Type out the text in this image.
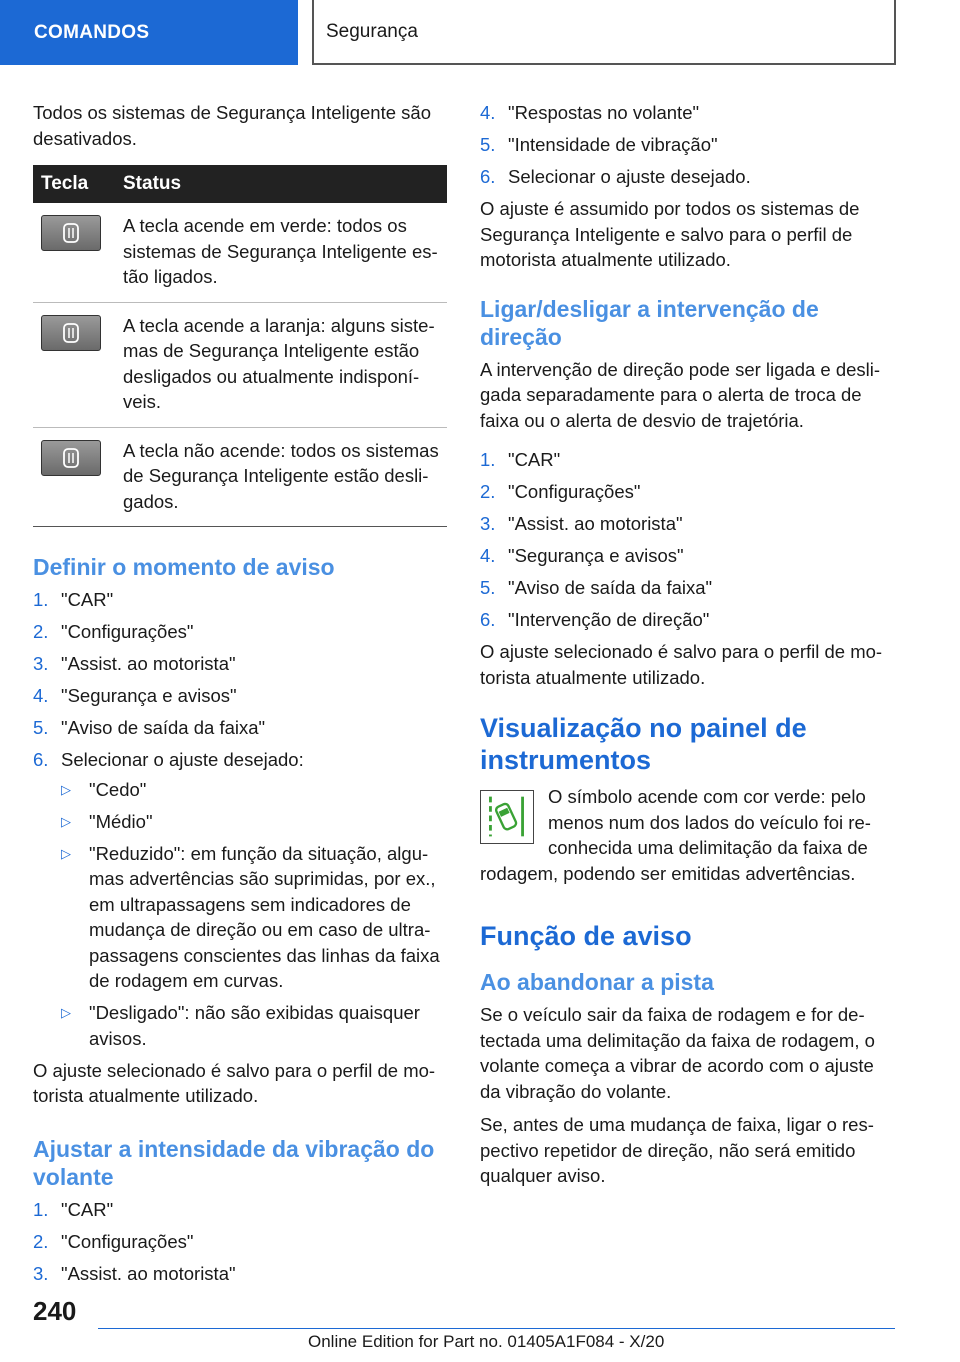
COMANDOS	Segurança

Todos os sistemas de Segurança Inteligente são desativados.

Tecla	Status

	A tecla acende em verde: todos os sistemas de Segurança Inteligente es-tão ligados.

	A tecla acende a laranja: alguns siste-mas de Segurança Inteligente estão desligados ou atualmente indisponí-veis.

	A tecla não acende: todos os sistemas de Segurança Inteligente estão desli-gados.
Definir o momento de aviso
1. "CAR"
2. "Configurações"
3. "Assist. ao motorista"
4. "Segurança e avisos"
5. "Aviso de saída da faixa"
6. Selecionar o ajuste desejado:
▷ "Cedo"
▷ "Médio"
▷ "Reduzido": em função da situação, algu-mas advertências são suprimidas, por ex., em ultrapassagens sem indicadores de mudança de direção ou em caso de ultra-passagens conscientes das linhas da faixa de rodagem em curvas.
▷ "Desligado": não são exibidas quaisquer avisos.

O ajuste selecionado é salvo para o perfil de mo-torista atualmente utilizado.

Ajustar a intensidade da vibração do volante
1. "CAR"
2. "Configurações"
3. "Assist. ao motorista"
4. "Respostas no volante"
5. "Intensidade de vibração"
6. Selecionar o ajuste desejado.

O ajuste é assumido por todos os sistemas de Segurança Inteligente e salvo para o perfil de motorista atualmente utilizado.

Ligar/desligar a intervenção de direção

A intervenção de direção pode ser ligada e desli-gada separadamente para o alerta de troca de faixa ou o alerta de desvio de trajetória.

1. "CAR"
2. "Configurações"
3. "Assist. ao motorista"
4. "Segurança e avisos"
5. "Aviso de saída da faixa"
6. "Intervenção de direção"

O ajuste selecionado é salvo para o perfil de mo-torista atualmente utilizado.

Visualização no painel de instrumentos

O símbolo acende com cor verde: pelo menos num dos lados do veículo foi re-conhecida uma delimitação da faixa de rodagem, podendo ser emitidas advertências.

Função de aviso
Ao abandonar a pista

Se o veículo sair da faixa de rodagem e for de-tectada uma delimitação da faixa de rodagem, o volante começa a vibrar de acordo com o ajuste da vibração do volante.

Se, antes de uma mudança de faixa, ligar o res-pectivo repetidor de direção, não será emitido qualquer aviso.

240
Online Edition for Part no. 01405A1F084 - X/20
